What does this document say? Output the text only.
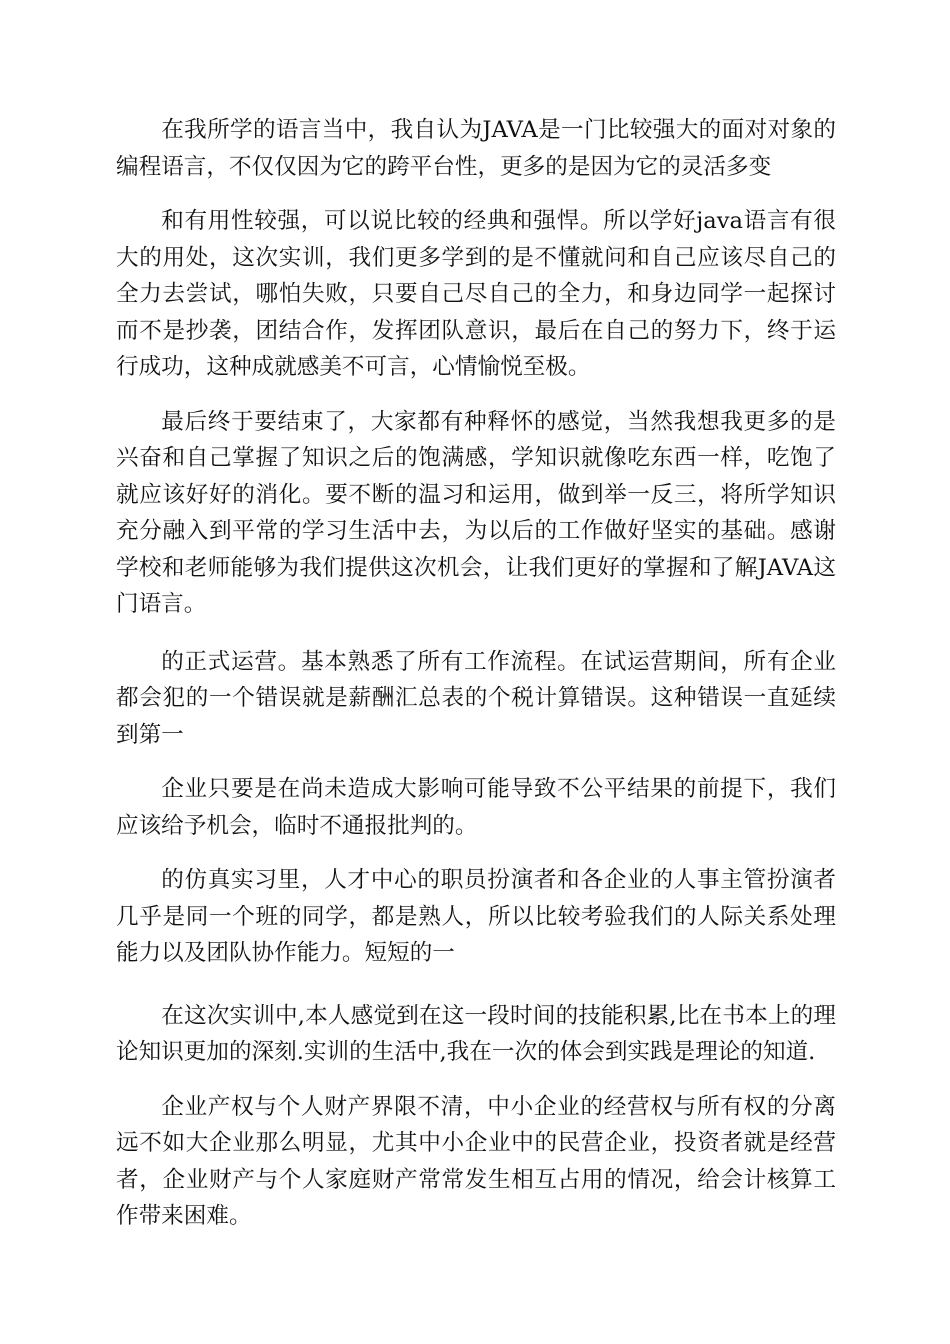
在我所学的语言当中，我自认为JAVA是一门比较强大的面对对象的编程语言，不仅仅因为它的跨平台性，更多的是因为它的灵活多变

和有用性较强，可以说比较的经典和强悍。所以学好java语言有很大的用处，这次实训，我们更多学到的是不懂就问和自己应该尽自己的全力去尝试，哪怕失败，只要自己尽自己的全力，和身边同学一起探讨而不是抄袭，团结合作，发挥团队意识，最后在自己的努力下，终于运行成功，这种成就感美不可言，心情愉悦至极。

最后终于要结束了，大家都有种释怀的感觉，当然我想我更多的是兴奋和自己掌握了知识之后的饱满感，学知识就像吃东西一样，吃饱了就应该好好的消化。要不断的温习和运用，做到举一反三，将所学知识充分融入到平常的学习生活中去，为以后的工作做好坚实的基础。感谢学校和老师能够为我们提供这次机会，让我们更好的掌握和了解JAVA这门语言。

的正式运营。基本熟悉了所有工作流程。在试运营期间，所有企业都会犯的一个错误就是薪酬汇总表的个税计算错误。这种错误一直延续到第一

企业只要是在尚未造成大影响可能导致不公平结果的前提下，我们应该给予机会，临时不通报批判的。

的仿真实习里，人才中心的职员扮演者和各企业的人事主管扮演者几乎是同一个班的同学，都是熟人，所以比较考验我们的人际关系处理能力以及团队协作能力。短短的一

在这次实训中,本人感觉到在这一段时间的技能积累,比在书本上的理论知识更加的深刻.实训的生活中,我在一次的体会到实践是理论的知道.

企业产权与个人财产界限不清，中小企业的经营权与所有权的分离远不如大企业那么明显，尤其中小企业中的民营企业，投资者就是经营者，企业财产与个人家庭财产常常发生相互占用的情况，给会计核算工作带来困难。
